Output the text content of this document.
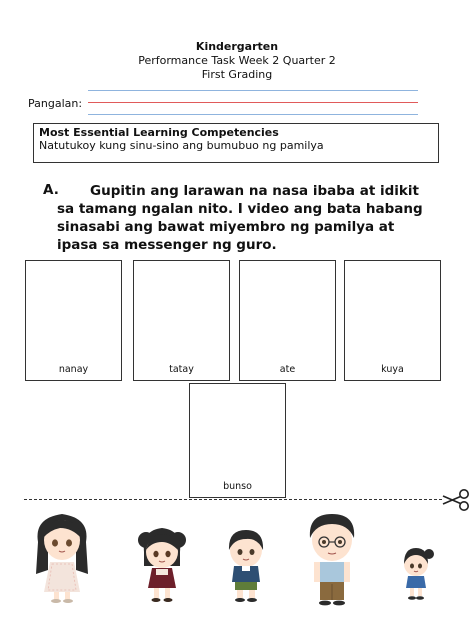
Kindergarten
Performance Task Week 2 Quarter 2
First Grading
Pangalan:
Most Essential Learning Competencies
Natutukoy kung sinu-sino ang bumubuo ng pamilya
A.	Gupitin ang larawan na nasa ibaba at idikit sa tamang ngalan nito. I video ang bata habang sinasabi ang bawat miyembro ng pamilya at ipasa sa messenger ng guro.
nanay	tatay	ate	kuya
bunso
